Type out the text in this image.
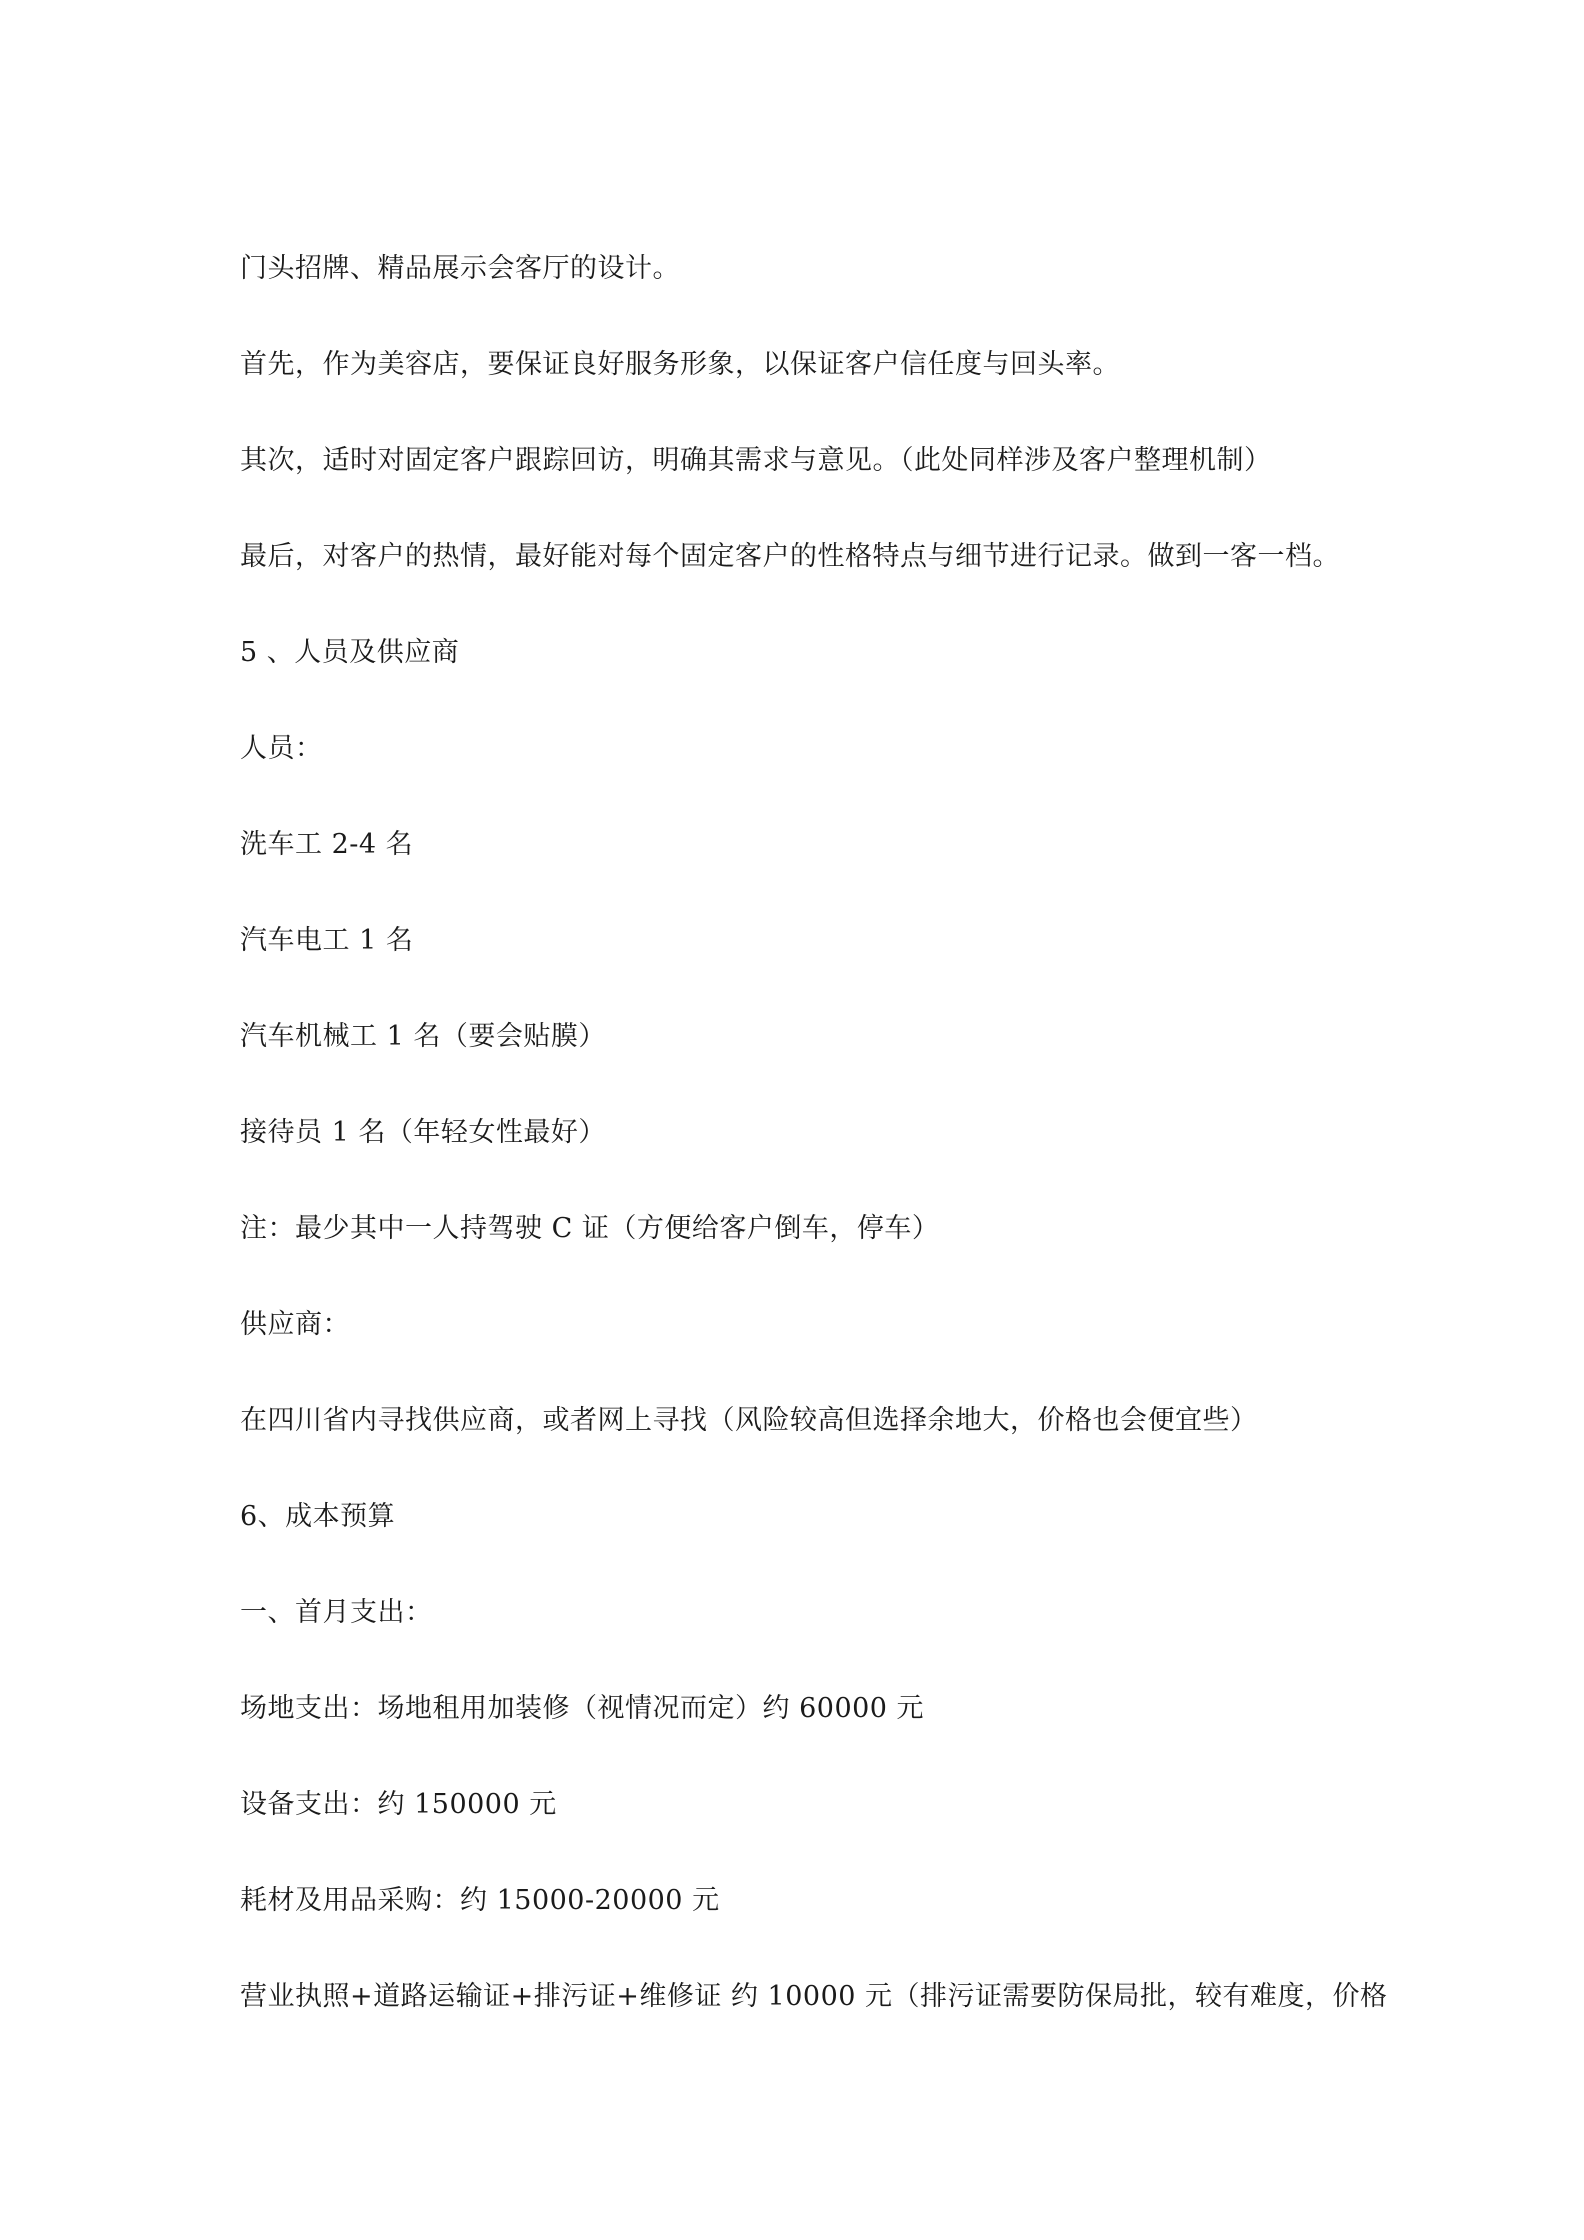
门头招牌、精品展示会客厅的设计。
首先，作为美容店，要保证良好服务形象，以保证客户信任度与回头率。
其次，适时对固定客户跟踪回访，明确其需求与意见。（此处同样涉及客户整理机制）
最后，对客户的热情，最好能对每个固定客户的性格特点与细节进行记录。做到一客一档。
5 、人员及供应商
人员：
洗车工 2-4 名
汽车电工 1 名
汽车机械工 1 名（要会贴膜）
接待员 1 名（年轻女性最好）
注：最少其中一人持驾驶 C 证（方便给客户倒车，停车）
供应商：
在四川省内寻找供应商，或者网上寻找（风险较高但选择余地大，价格也会便宜些）
6、成本预算
一、首月支出：
场地支出：场地租用加装修（视情况而定）约 60000 元
设备支出：约 150000 元
耗材及用品采购：约 15000-20000 元
营业执照+道路运输证+排污证+维修证 约 10000 元（排污证需要防保局批，较有难度，价格
